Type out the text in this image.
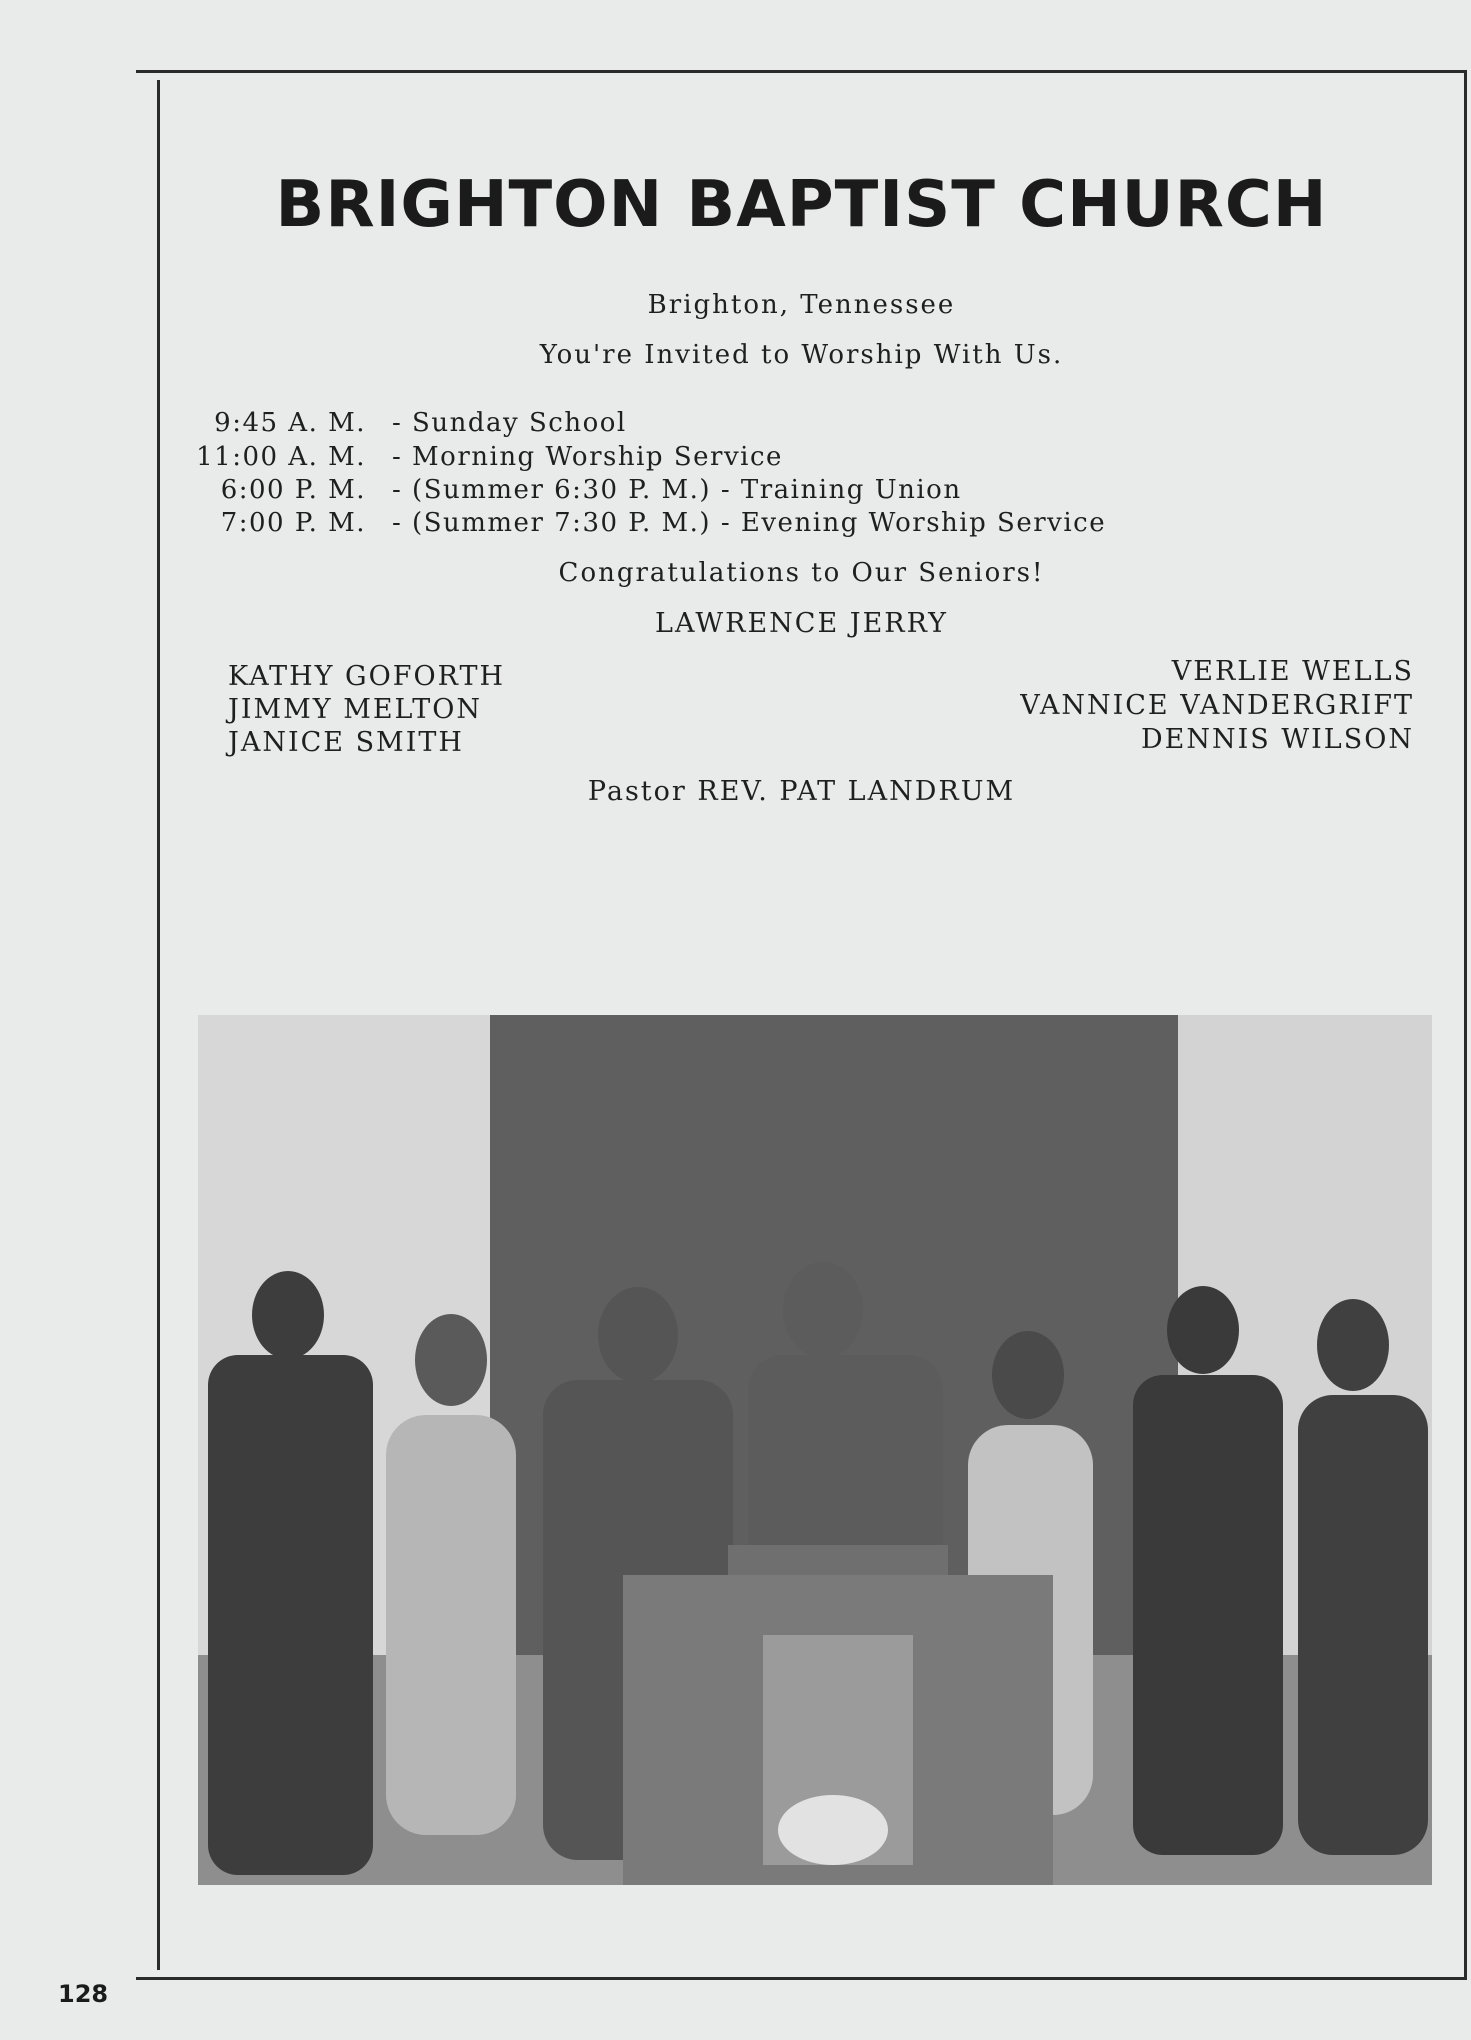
BRIGHTON BAPTIST CHURCH
Brighton, Tennessee
You're Invited to Worship With Us.
9:45 A. M. - Sunday School
11:00 A. M. - Morning Worship Service
6:00 P. M. - (Summer 6:30 P. M.) - Training Union
7:00 P. M. - (Summer 7:30 P. M.) - Evening Worship Service
Congratulations to Our Seniors!
LAWRENCE JERRY
KATHY GOFORTH
JIMMY MELTON
JANICE SMITH
VERLIE WELLS
VANNICE VANDERGRIFT
DENNIS WILSON
Pastor REV. PAT LANDRUM
128
